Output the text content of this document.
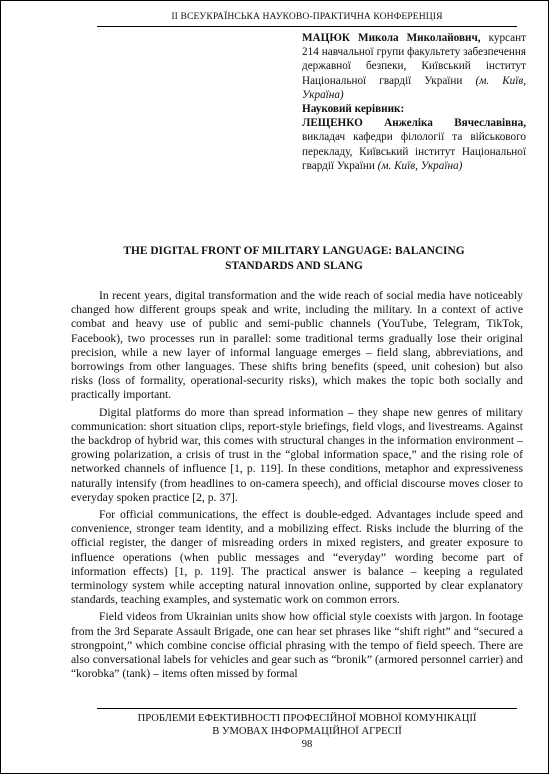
II ВСЕУКРАЇНСЬКА НАУКОВО-ПРАКТИЧНА КОНФЕРЕНЦІЯ

МАЦЮК Микола Миколайович, курсант 214 навчальної групи факультету забезпечення державної безпеки, Київський інститут Національної гвардії України (м. Київ, Україна)

Науковий керівник:

ЛЕЩЕНКО Анжеліка Вячеславівна, викладач кафедри філології та військового перекладу, Київський інститут Національної гвардії України (м. Київ, Україна)

THE DIGITAL FRONT OF MILITARY LANGUAGE: BALANCING
STANDARDS AND SLANG

In recent years, digital transformation and the wide reach of social media have noticeably changed how different groups speak and write, including the military. In a context of active combat and heavy use of public and semi-public channels (YouTube, Telegram, TikTok, Facebook), two processes run in parallel: some traditional terms gradually lose their original precision, while a new layer of informal language emerges – field slang, abbreviations, and borrowings from other languages. These shifts bring benefits (speed, unit cohesion) but also risks (loss of formality, operational-security risks), which makes the topic both socially and practically important.

Digital platforms do more than spread information – they shape new genres of military communication: short situation clips, report-style briefings, field vlogs, and livestreams. Against the backdrop of hybrid war, this comes with structural changes in the information environment – growing polarization, a crisis of trust in the “global information space,” and the rising role of networked channels of influence [1, p. 119]. In these conditions, metaphor and expressiveness naturally intensify (from headlines to on-camera speech), and official discourse moves closer to everyday spoken practice [2, p. 37].

For official communications, the effect is double-edged. Advantages include speed and convenience, stronger team identity, and a mobilizing effect. Risks include the blurring of the official register, the danger of misreading orders in mixed registers, and greater exposure to influence operations (when public messages and “everyday” wording become part of information effects) [1, p. 119]. The practical answer is balance – keeping a regulated terminology system while accepting natural innovation online, supported by clear explanatory standards, teaching examples, and systematic work on common errors.

Field videos from Ukrainian units show how official style coexists with jargon. In footage from the 3rd Separate Assault Brigade, one can hear set phrases like “shift right” and “secured a strongpoint,” which combine concise official phrasing with the tempo of field speech. There are also conversational labels for vehicles and gear such as “bronik” (armored personnel carrier) and “korobka” (tank) – items often missed by formal

ПРОБЛЕМИ ЕФЕКТИВНОСТІ ПРОФЕСІЙНОЇ МОВНОЇ КОМУНІКАЦІЇ
В УМОВАХ ІНФОРМАЦІЙНОЇ АГРЕСІЇ
98
